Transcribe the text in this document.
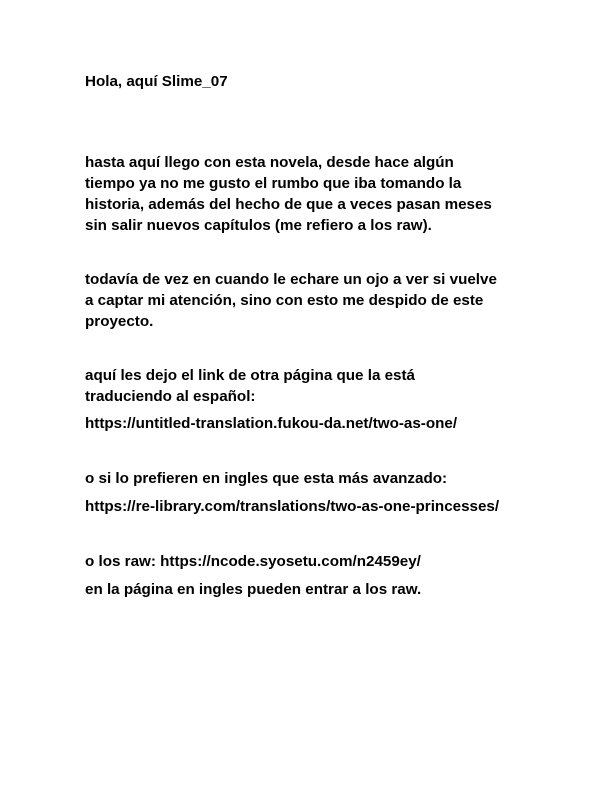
Hola, aquí Slime_07

hasta aquí llego con esta novela, desde hace algún

tiempo ya no me gusto el rumbo que iba tomando la

historia, además del hecho de que a veces pasan meses

sin salir nuevos capítulos (me refiero a los raw).

todavía de vez en cuando le echare un ojo a ver si vuelve

a captar mi atención, sino con esto me despido de este

proyecto.

aquí les dejo el link de otra página que la está

traduciendo al español:

https://untitled-translation.fukou-da.net/two-as-one/

o si lo prefieren en ingles que esta más avanzado:

https://re-library.com/translations/two-as-one-princesses/

o los raw: https://ncode.syosetu.com/n2459ey/

en la página en ingles pueden entrar a los raw.
